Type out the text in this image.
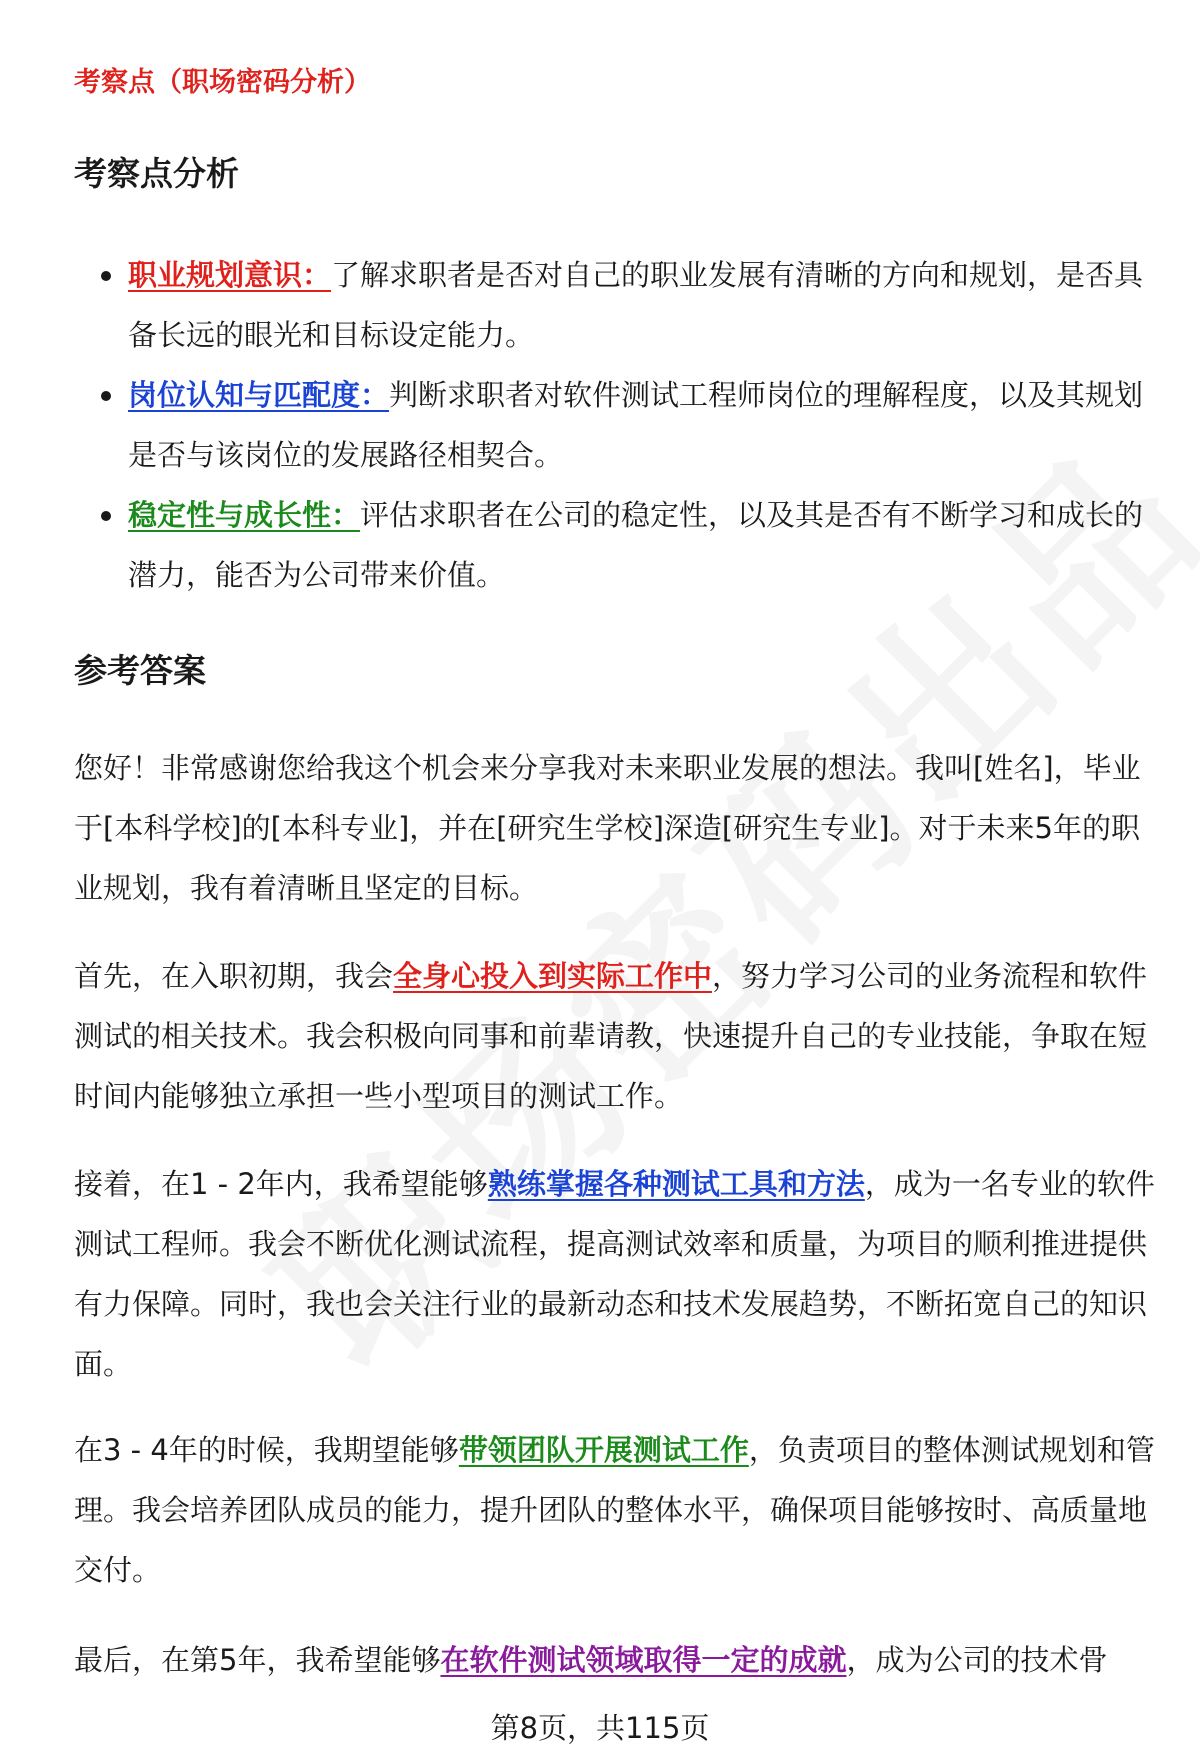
考察点（职场密码分析）
考察点分析
职业规划意识：了解求职者是否对自己的职业发展有清晰的方向和规划，是否具备长远的眼光和目标设定能力。
岗位认知与匹配度：判断求职者对软件测试工程师岗位的理解程度，以及其规划是否与该岗位的发展路径相契合。
稳定性与成长性：评估求职者在公司的稳定性，以及其是否有不断学习和成长的潜力，能否为公司带来价值。
参考答案

您好！非常感谢您给我这个机会来分享我对未来职业发展的想法。我叫[姓名]，毕业于[本科学校]的[本科专业]，并在[研究生学校]深造[研究生专业]。对于未来5年的职业规划，我有着清晰且坚定的目标。

首先，在入职初期，我会全身心投入到实际工作中，努力学习公司的业务流程和软件测试的相关技术。我会积极向同事和前辈请教，快速提升自己的专业技能，争取在短时间内能够独立承担一些小型项目的测试工作。

接着，在1 - 2年内，我希望能够熟练掌握各种测试工具和方法，成为一名专业的软件测试工程师。我会不断优化测试流程，提高测试效率和质量，为项目的顺利推进提供有力保障。同时，我也会关注行业的最新动态和技术发展趋势，不断拓宽自己的知识面。

在3 - 4年的时候，我期望能够带领团队开展测试工作，负责项目的整体测试规划和管理。我会培养团队成员的能力，提升团队的整体水平，确保项目能够按时、高质量地交付。

最后，在第5年，我希望能够在软件测试领域取得一定的成就，成为公司的技术骨

第8页，共115页
